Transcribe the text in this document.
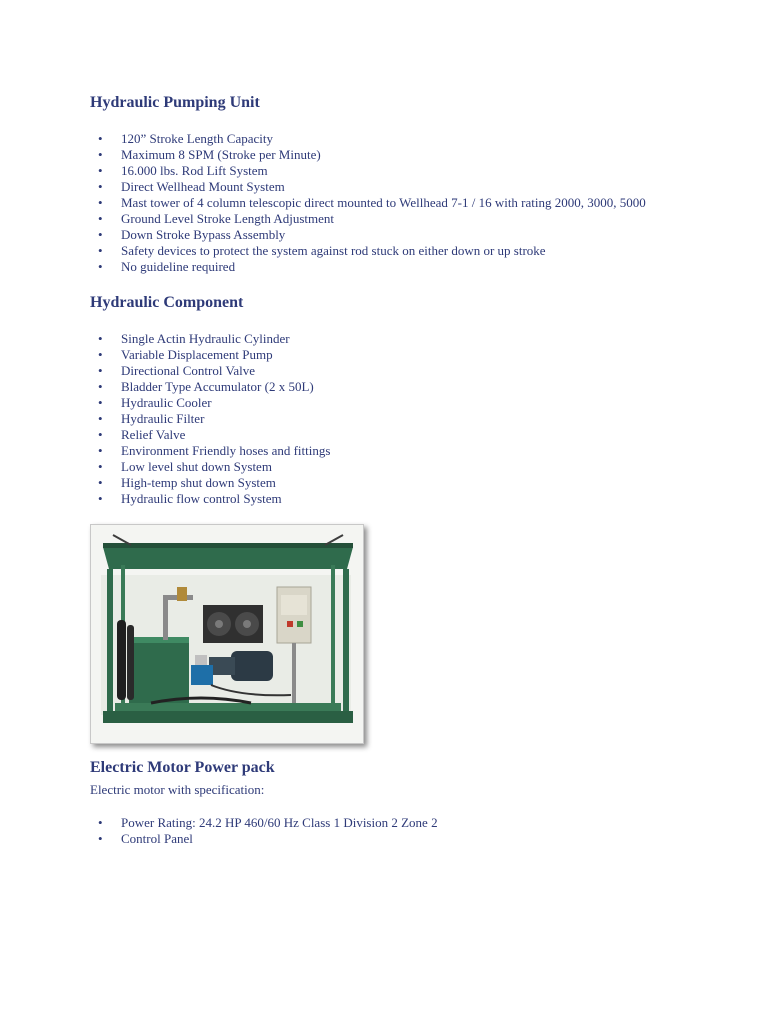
Hydraulic Pumping Unit
• 120” Stroke Length Capacity
• Maximum 8 SPM (Stroke per Minute)
• 16.000 lbs. Rod Lift System
• Direct Wellhead Mount System
• Mast tower of 4 column telescopic direct mounted to Wellhead 7-1 / 16 with rating 2000, 3000, 5000
• Ground Level Stroke Length Adjustment
• Down Stroke Bypass Assembly
• Safety devices to protect the system against rod stuck on either down or up stroke
• No guideline required
Hydraulic Component
• Single Actin Hydraulic Cylinder
• Variable Displacement Pump
• Directional Control Valve
• Bladder Type Accumulator (2 x 50L)
• Hydraulic Cooler
• Hydraulic Filter
• Relief Valve
• Environment Friendly hoses and fittings
• Low level shut down System
• High-temp shut down System
• Hydraulic flow control System
Electric Motor Power pack

Electric motor with specification:

• Power Rating: 24.2 HP 460/60 Hz Class 1 Division 2 Zone 2
• Control Panel
